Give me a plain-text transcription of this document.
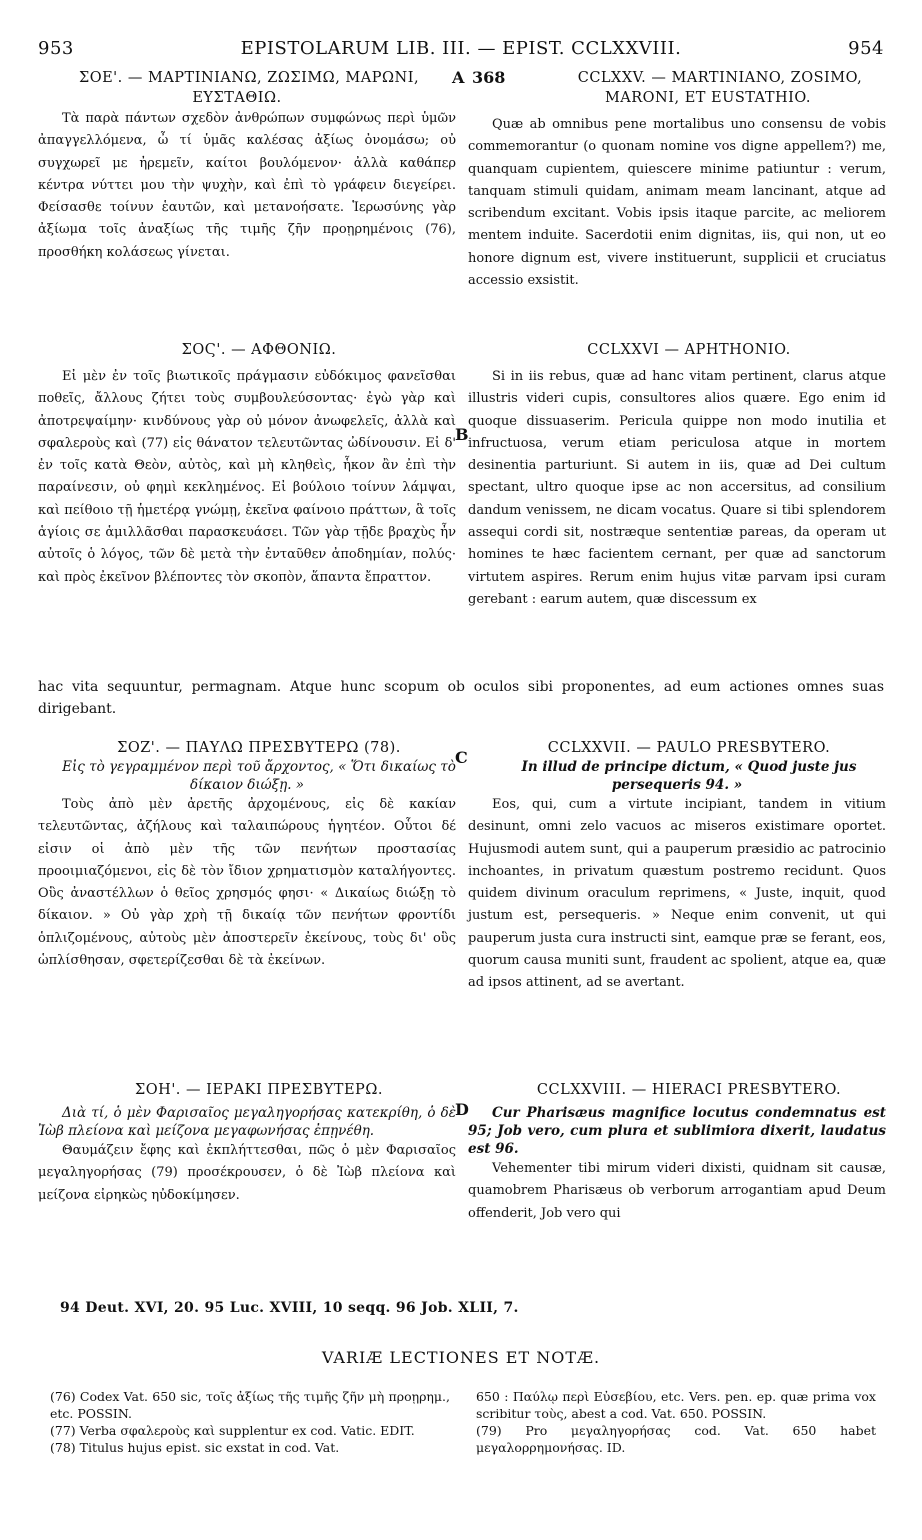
953	EPISTOLARUM LIB. III. — EPIST. CCLXXVIII.	954
A 368
B
C
D

ΣΟΕ'. — ΜΑΡΤΙΝΙΑΝΩ, ΖΩΣΙΜΩ, ΜΑΡΩΝΙ, ΕΥΣΤΑΘΙΩ.

Τὰ παρὰ πάντων σχεδὸν ἀνθρώπων συμφώνως περὶ ὑμῶν ἀπαγγελλόμενα, ὦ τί ὑμᾶς καλέσας ἀξίως ὀνομάσω; οὐ συγχωρεῖ με ἠρεμεῖν, καίτοι βουλόμενον· ἀλλὰ καθάπερ κέντρα νύττει μου τὴν ψυχὴν, καὶ ἐπὶ τὸ γράφειν διεγείρει. Φείσασθε τοίνυν ἑαυτῶν, καὶ μετανοήσατε. Ἱερωσύνης γὰρ ἀξίωμα τοῖς ἀναξίως τῆς τιμῆς ζῆν προῃρημένοις (76), προσθήκη κολάσεως γίνεται.

CCLXXV. — MARTINIANO, ZOSIMO, MARONI, ET EUSTATHIO.

Quæ ab omnibus pene mortalibus uno consensu de vobis commemorantur (o quonam nomine vos digne appellem?) me, quanquam cupientem, quiescere minime patiuntur : verum, tanquam stimuli quidam, animam meam lancinant, atque ad scribendum excitant. Vobis ipsis itaque parcite, ac meliorem mentem induite. Sacerdotii enim dignitas, iis, qui non, ut eo honore dignum est, vivere instituerunt, supplicii et cruciatus accessio exsistit.

ΣΟϚ'. — ΑΦΘΟΝΙΩ.

Εἰ μὲν ἐν τοῖς βιωτικοῖς πράγμασιν εὐδόκιμος φανεῖσθαι ποθεῖς, ἄλλους ζήτει τοὺς συμβουλεύσοντας· ἐγὼ γὰρ καὶ ἀποτρεψαίμην· κινδύνους γὰρ οὐ μόνον ἀνωφελεῖς, ἀλλὰ καὶ σφαλεροὺς καὶ (77) εἰς θάνατον τελευτῶντας ὠδίνουσιν. Εἰ δ' ἐν τοῖς κατὰ Θεὸν, αὐτὸς, καὶ μὴ κληθεὶς, ἧκον ἂν ἐπὶ τὴν παραίνεσιν, οὐ φημὶ κεκλημένος. Εἰ βούλοιο τοίνυν λάμψαι, καὶ πείθοιο τῇ ἡμετέρᾳ γνώμῃ, ἐκεῖνα φαίνοιο πράττων, ἃ τοῖς ἁγίοις σε ἁμιλλᾶσθαι παρασκευάσει. Τῶν γὰρ τῇδε βραχὺς ἦν αὐτοῖς ὁ λόγος, τῶν δὲ μετὰ τὴν ἐνταῦθεν ἀποδημίαν, πολύς· καὶ πρὸς ἐκεῖνον βλέποντες τὸν σκοπὸν, ἅπαντα ἔπραττον.

CCLXXVI — APHTHONIO.

Si in iis rebus, quæ ad hanc vitam pertinent, clarus atque illustris videri cupis, consultores alios quære. Ego enim id quoque dissuaserim. Pericula quippe non modo inutilia et infructuosa, verum etiam periculosa atque in mortem desinentia parturiunt. Si autem in iis, quæ ad Dei cultum spectant, ultro quoque ipse ac non accersitus, ad consilium dandum venissem, ne dicam vocatus. Quare si tibi splendorem assequi cordi sit, nostræque sententiæ pareas, da operam ut homines te hæc facientem cernant, per quæ ad sanctorum virtutem aspires. Rerum enim hujus vitæ parvam ipsi curam gerebant : earum autem, quæ discessum ex

hac vita sequuntur, permagnam. Atque hunc scopum ob oculos sibi proponentes, ad eum actiones omnes suas dirigebant.

ΣΟΖ'. — ΠΑΥΛΩ ΠΡΕΣΒΥΤΕΡΩ (78).

Εἰς τὸ γεγραμμένον περὶ τοῦ ἄρχοντος, « Ὅτι δικαίως τὸ δίκαιον διώξῃ. »

Τοὺς ἀπὸ μὲν ἀρετῆς ἀρχομένους, εἰς δὲ κακίαν τελευτῶντας, ἀζήλους καὶ ταλαιπώρους ἡγητέον. Οὗτοι δέ εἰσιν οἱ ἀπὸ μὲν τῆς τῶν πενήτων προστασίας προοιμιαζόμενοι, εἰς δὲ τὸν ἴδιον χρηματισμὸν καταλήγοντες. Οὓς ἀναστέλλων ὁ θεῖος χρησμός φησι· « Δικαίως διώξῃ τὸ δίκαιον. » Οὐ γὰρ χρὴ τῇ δικαίᾳ τῶν πενήτων φροντίδι ὁπλιζομένους, αὐτοὺς μὲν ἀποστερεῖν ἐκείνους, τοὺς δι' οὓς ὡπλίσθησαν, σφετερίζεσθαι δὲ τὰ ἐκείνων.

CCLXXVII. — PAULO PRESBYTERO.

In illud de principe dictum, « Quod juste jus persequeris 94. »

Eos, qui, cum a virtute incipiant, tandem in vitium desinunt, omni zelo vacuos ac miseros existimare oportet. Hujusmodi autem sunt, qui a pauperum præsidio ac patrocinio inchoantes, in privatum quæstum postremo recidunt. Quos quidem divinum oraculum reprimens, « Juste, inquit, quod justum est, persequeris. » Neque enim convenit, ut qui pauperum justa cura instructi sint, eamque præ se ferant, eos, quorum causa muniti sunt, fraudent ac spolient, atque ea, quæ ad ipsos attinent, ad se avertant.

ΣΟΗ'. — ΙΕΡΑΚΙ ΠΡΕΣΒΥΤΕΡΩ.

Διὰ τί, ὁ μὲν Φαρισαῖος μεγαληγορήσας κατεκρίθη, ὁ δὲ Ἰὼβ πλείονα καὶ μείζονα μεγαφωνήσας ἐπῃνέθη.

Θαυμάζειν ἔφης καὶ ἐκπλήττεσθαι, πῶς ὁ μὲν Φαρισαῖος μεγαληγορήσας (79) προσέκρουσεν, ὁ δὲ Ἰὼβ πλείονα καὶ μείζονα εἰρηκὼς ηὐδοκίμησεν.

CCLXXVIII. — HIERACI PRESBYTERO.

Cur Pharisæus magnifice locutus condemnatus est 95; Job vero, cum plura et sublimiora dixerit, laudatus est 96.

Vehementer tibi mirum videri dixisti, quidnam sit causæ, quamobrem Pharisæus ob verborum arrogantiam apud Deum offenderit, Job vero qui

94 Deut. XVI, 20. 95 Luc. XVIII, 10 seqq. 96 Job. XLII, 7.
VARIÆ LECTIONES ET NOTÆ.
(76) Codex Vat. 650 sic, τοῖς ἀξίως τῆς τιμῆς ζῆν μὴ προῃρημ., etc. POSSIN.
(77) Verba σφαλεροὺς καὶ supplentur ex cod. Vatic. EDIT.
(78) Titulus hujus epist. sic exstat in cod. Vat.
650 : Παύλῳ περὶ Εὐσεβίου, etc. Vers. pen. ep. quæ prima vox scribitur τοὺς, abest a cod. Vat. 650. POSSIN.
(79) Pro μεγαληγορήσας cod. Vat. 650 habet μεγαλορρημονήσας. ID.
